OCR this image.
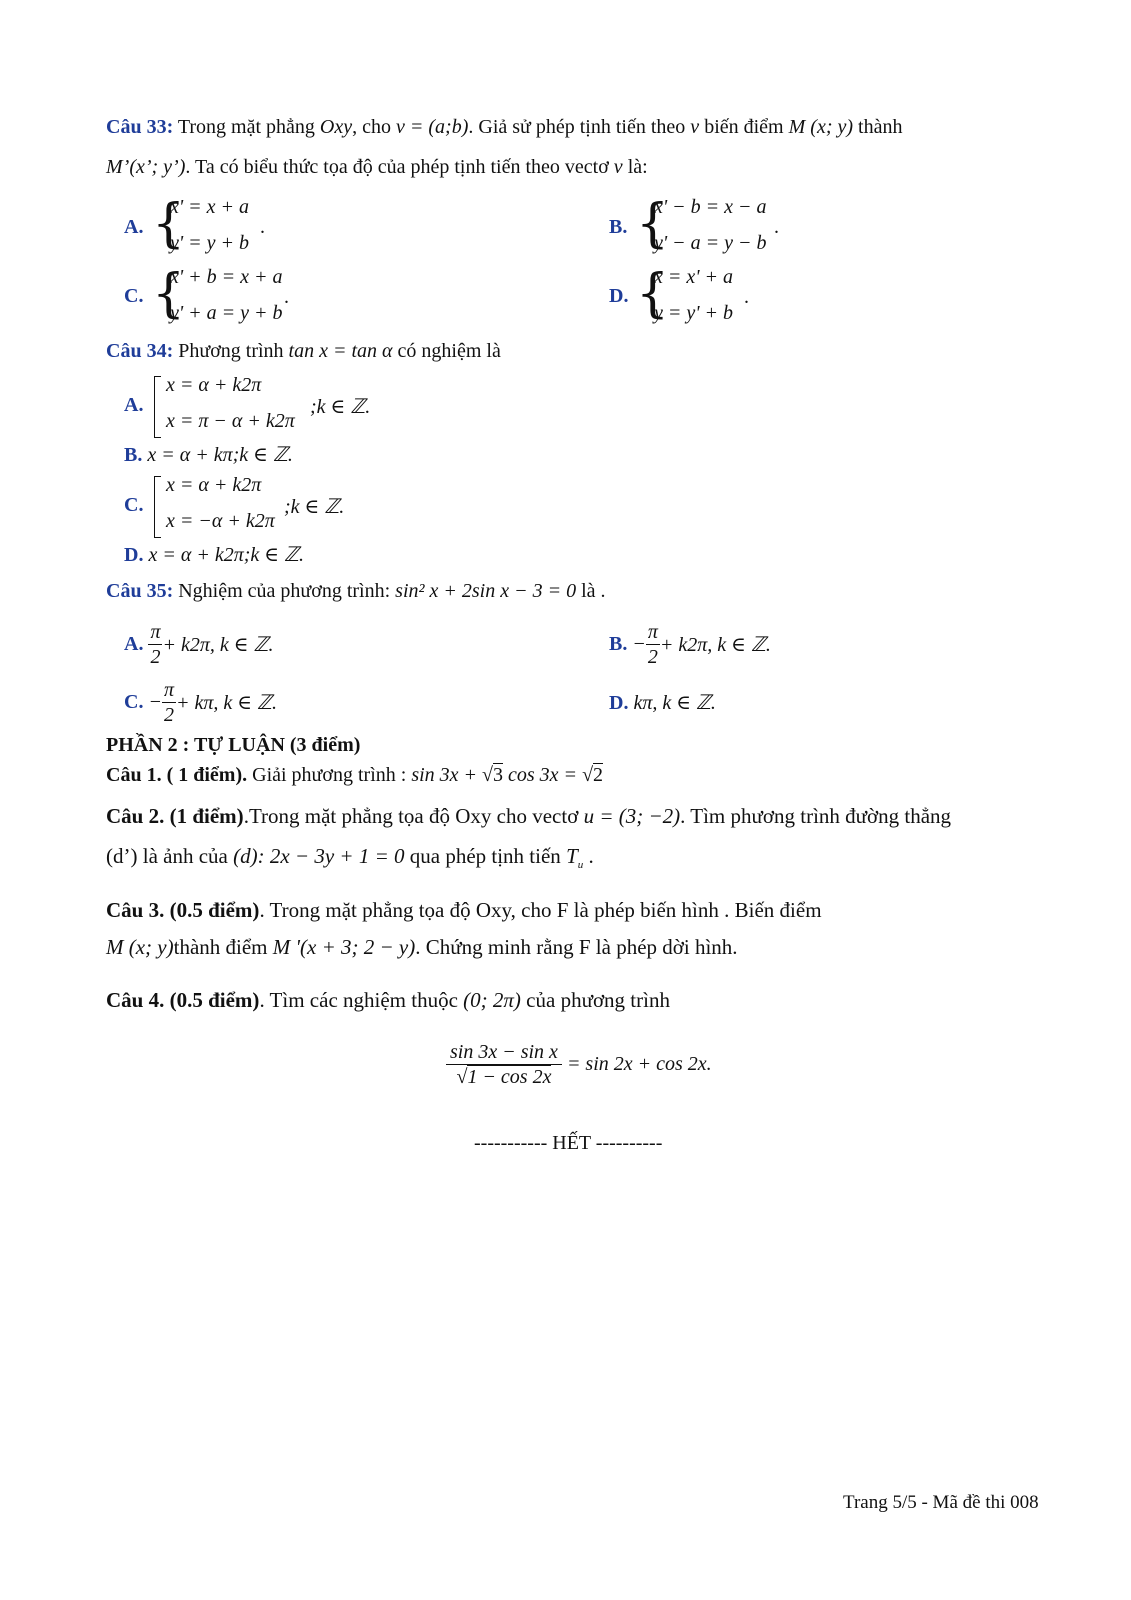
Câu 33: Trong mặt phẳng Oxy, cho v = (a;b). Giả sử phép tịnh tiến theo v biến điểm M (x; y) thành
M’(x’; y’). Ta có biểu thức tọa độ của phép tịnh tiến theo vectơ v là:
A. {
x' = x + a
y' = y + b
.	B. {
x' − b = x − a
y' − a = y − b
.
C. {
x' + b = x + a
y' + a = y + b
.	D. {
x = x' + a
y = y' + b
.
Câu 34: Phương trình tan x = tan α có nghiệm là
A.
x = α + k2π
x = π − α + k2π
;k ∈ ℤ.
B. x = α + kπ;k ∈ ℤ.
C.
x = α + k2π
x = −α + k2π
;k ∈ ℤ.
D. x = α + k2π;k ∈ ℤ.
Câu 35: Nghiệm của phương trình: sin² x + 2sin x − 3 = 0 là .
A. $\frac{\pi}{2} + k2\pi$, k ∈ ℤ.	B. − $\frac{\pi}{2} + k2\pi$, k ∈ ℤ.
C. − $\frac{\pi}{2} + k\pi$, k ∈ ℤ.	D. kπ, k ∈ ℤ.
PHẦN 2 : TỰ LUẬN (3 điểm)
Câu 1. ( 1 điểm). Giải phương trình : sin 3x + √3 cos 3x = √2
Câu 2. (1 điểm).Trong mặt phẳng tọa độ Oxy cho vectơ u = (3; −2). Tìm phương trình đường thẳng
(d’) là ảnh của (d): 2x − 3y + 1 = 0 qua phép tịnh tiến $T_u$ .
Câu 3. (0.5 điểm). Trong mặt phẳng tọa độ Oxy, cho F là phép biến hình . Biến điểm
M (x; y)thành điểm M '(x + 3; 2 − y). Chứng minh rằng F là phép dời hình.
Câu 4. (0.5 điểm). Tìm các nghiệm thuộc (0; 2π) của phương trình
$\frac{\text{sin 3x − sin x}}{√1 - \cos 2x} = \sin 2x + \cos 2x$.
----------- HẾT ----------
Trang 5/5 - Mã đề thi 008
